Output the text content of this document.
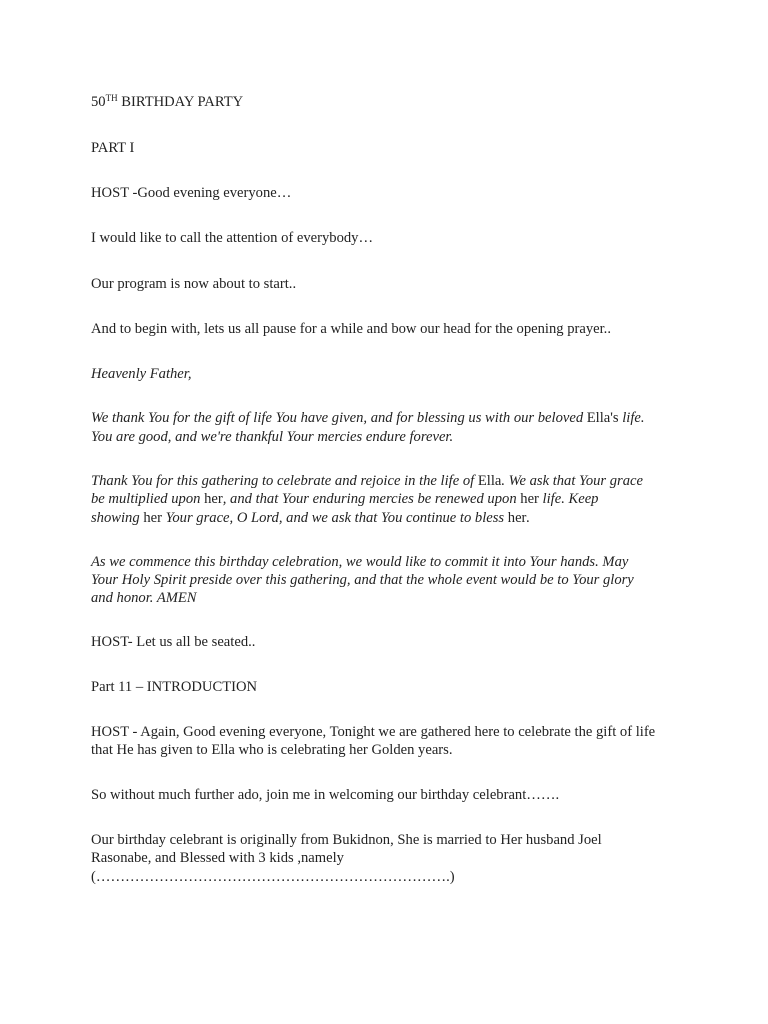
50TH BIRTHDAY PARTY

PART I

HOST -Good evening everyone…

I would like to call the attention of everybody…

Our program is now about to start..

And to begin with, lets us all pause for a while and bow our head for the opening prayer..

Heavenly Father,

We thank You for the gift of life You have given, and for blessing us with our beloved Ella's life.

You are good, and we're thankful Your mercies endure forever.

Thank You for this gathering to celebrate and rejoice in the life of Ella. We ask that Your grace

be multiplied upon her, and that Your enduring mercies be renewed upon her life. Keep

showing her Your grace, O Lord, and we ask that You continue to bless her.

As we commence this birthday celebration, we would like to commit it into Your hands. May

Your Holy Spirit preside over this gathering, and that the whole event would be to Your glory

and honor. AMEN

HOST- Let us all be seated..

Part 11 – INTRODUCTION

HOST - Again, Good evening everyone, Tonight we are gathered here to celebrate the gift of life

that He has given to Ella who is celebrating her Golden years.

So without much further ado, join me in welcoming our birthday celebrant…….

Our birthday celebrant is originally from Bukidnon, She is married to Her husband Joel

Rasonabe, and Blessed with 3 kids ,namely

(……………………………………………………………….)
